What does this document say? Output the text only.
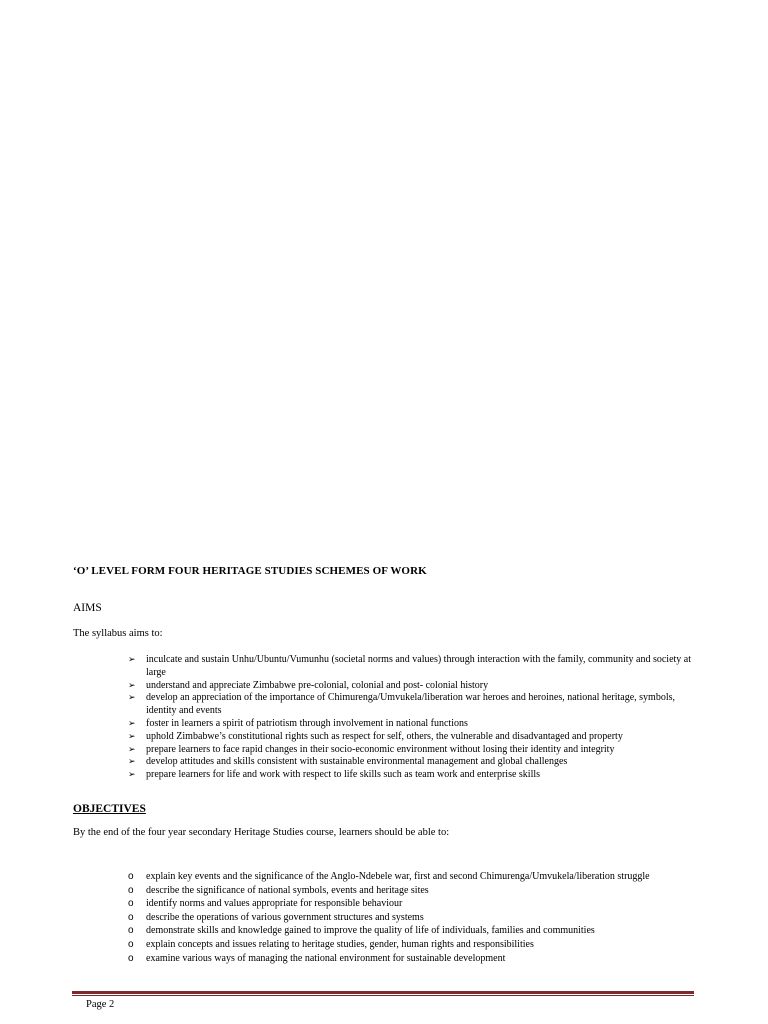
‘O’ LEVEL FORM FOUR HERITAGE STUDIES SCHEMES OF WORK
AIMS
The syllabus aims to:
➢ inculcate and sustain Unhu/Ubuntu/Vumunhu (societal norms and values) through interaction with the family, community and society at large
➢ understand and appreciate Zimbabwe pre-colonial, colonial and post- colonial history
➢ develop an appreciation of the importance of Chimurenga/Umvukela/liberation war heroes and heroines, national heritage, symbols, identity and events
➢ foster in learners a spirit of patriotism through involvement in national functions
➢ uphold Zimbabwe’s constitutional rights such as respect for self, others, the vulnerable and disadvantaged and property
➢ prepare learners to face rapid changes in their socio-economic environment without losing their identity and integrity
➢ develop attitudes and skills consistent with sustainable environmental management and global challenges
➢ prepare learners for life and work with respect to life skills such as team work and enterprise skills
OBJECTIVES
By the end of the four year secondary Heritage Studies course, learners should be able to:
o explain key events and the significance of the Anglo-Ndebele war, first and second Chimurenga/Umvukela/liberation struggle
o describe the significance of national symbols, events and heritage sites
o identify norms and values appropriate for responsible behaviour
o describe the operations of various government structures and systems
o demonstrate skills and knowledge gained to improve the quality of life of individuals, families and communities
o explain concepts and issues relating to heritage studies, gender, human rights and responsibilities
o examine various ways of managing the national environment for sustainable development
Page 2
